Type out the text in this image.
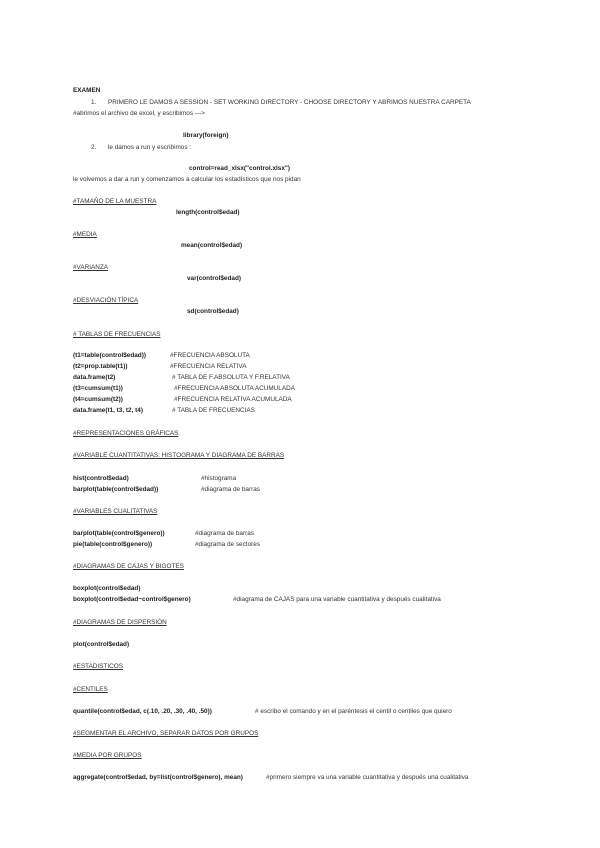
EXAMEN
1. PRIMERO LE DAMOS A SESSION - SET WORKING DIRECTORY - CHOOSE DIRECTORY Y ABRIMOS NUESTRA CARPETA
#abrimos el archivo de excel, y escribimos --->
library(foreign)
2. le damos a run y escribimos :
control=read_xlsx("control.xlsx")
le volvemos a dar a run y comenzamos a calcular los estadísticos que nos pidan
#TAMAÑO DE LA MUESTRA
length(control$edad)
#MEDIA
mean(control$edad)
#VARIANZA
var(control$edad)
#DESVIACIÓN TÍPICA
sd(control$edad)
# TABLAS DE FRECUENCIAS
(t1=table(control$edad))	#FRECUENCIA ABSOLUTA
(t2=prop.table(t1))	#FRECUENCIA RELATIVA
data.frame(t2)	# TABLA DE F.ABSOLUTA Y F.RELATIVA
(t3=cumsum(t1))	#FRECUENCIA ABSOLUTA ACUMULADA
(t4=cumsum(t2))	#FRECUENCIA RELATIVA ACUMULADA
data.frame(t1, t3, t2, t4)	# TABLA DE FRECUENCIAS
#REPRESENTACIONES GRÁFICAS
#VARIABLE CUANTITATIVAS: HISTOGRAMA Y DIAGRAMA DE BARRAS
hist(control$edad)	#histograma
barplot(table(control$edad))	#diagrama de barras
#VARIABLES CUALITATIVAS
barplot(table(control$genero))	#diagrama de barras
pie(table(control$genero))	#diagrama de sectores
#DIAGRAMAS DE CAJAS Y BIGOTES
boxplot(control$edad)
boxplot(control$edad~control$genero)	#diagrama de CAJAS para una variable cuantitativa y después cualitativa
#DIAGRAMAS DE DISPERSIÓN
plot(control$edad)
#ESTADISTICOS
#CENTILES
quantile(control$edad, c(.10, .20, .30, .40, .50))	# escribo el comando y en el paréntesis el centil o centiles que quiero
#SEGMENTAR EL ARCHIVO, SEPARAR DATOS POR GRUPOS
#MEDIA POR GRUPOS
aggregate(control$edad, by=list(control$genero), mean)	#primero siempre va una variable cuantitativa y después una cualitativa
